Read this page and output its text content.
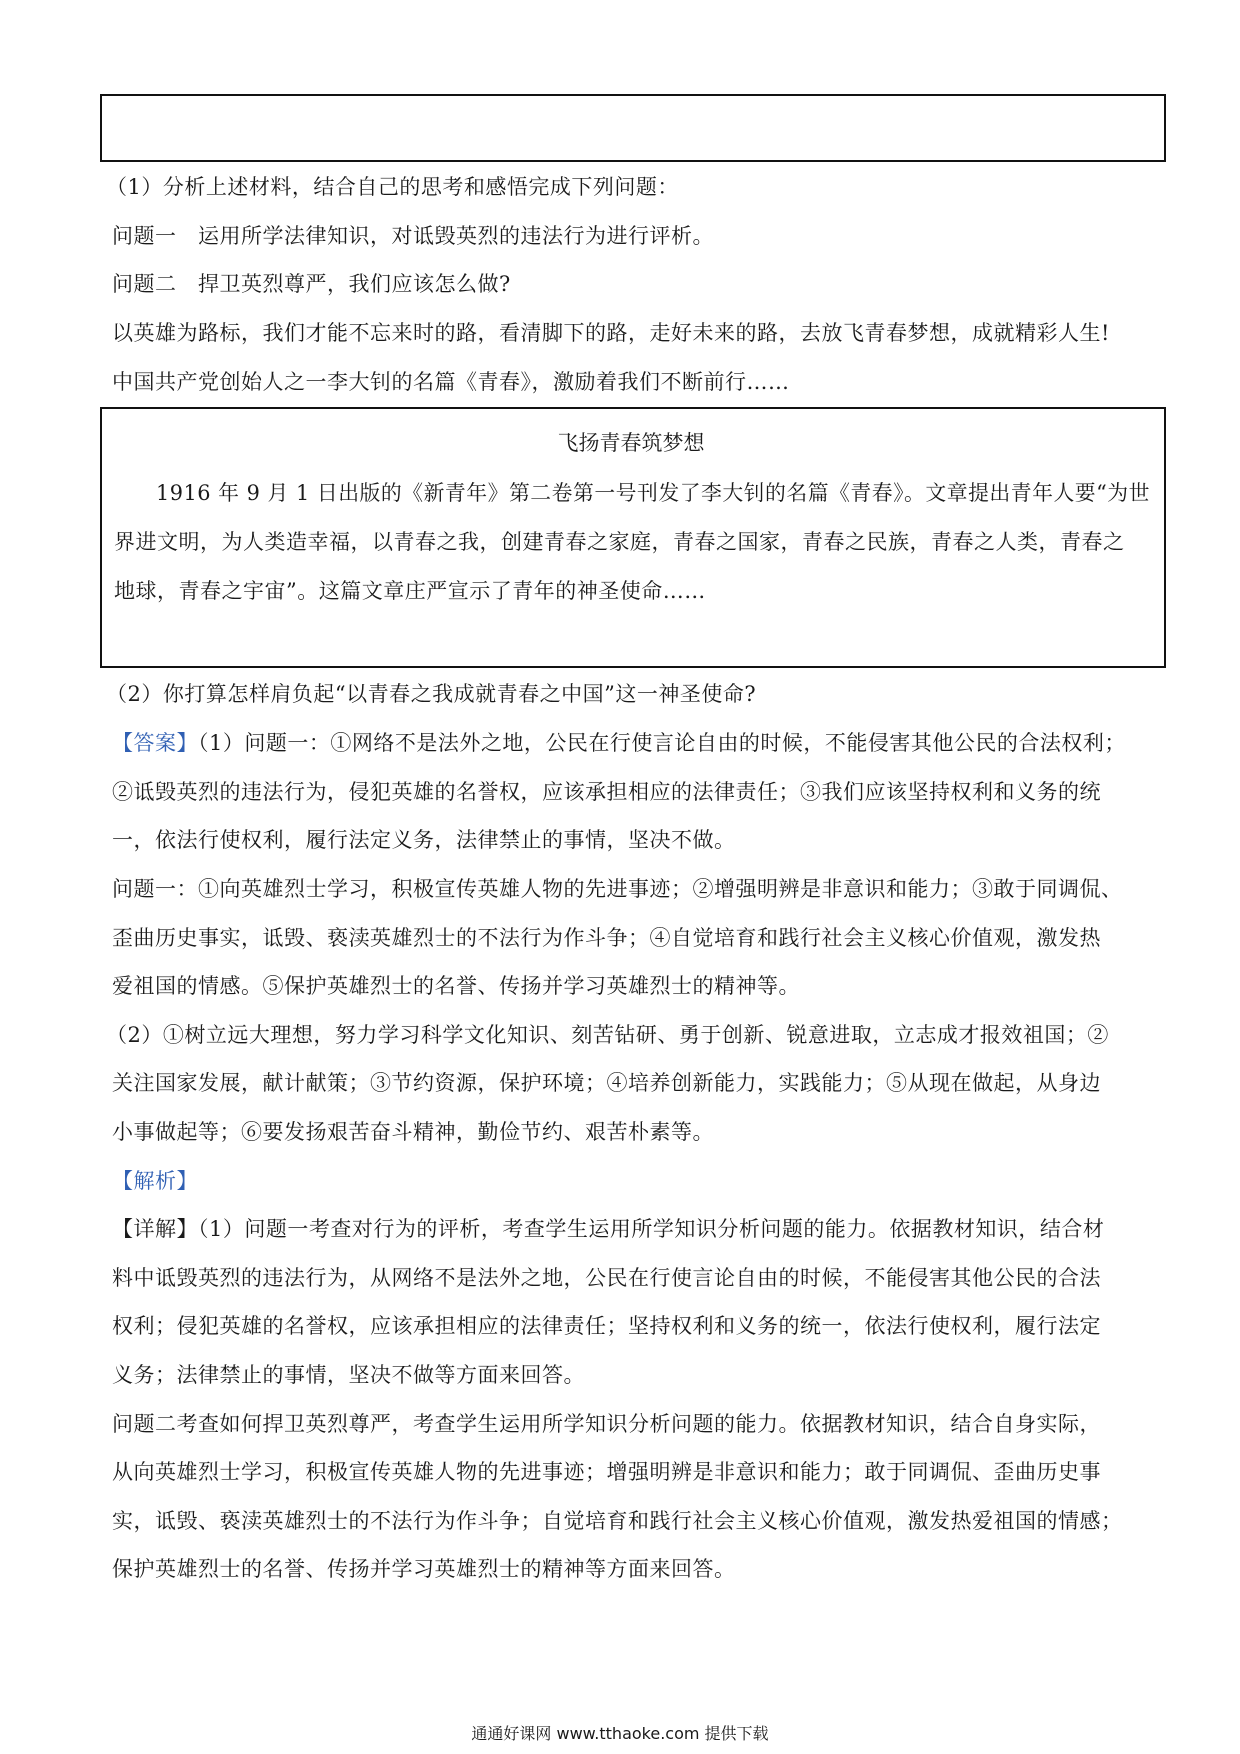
（1）分析上述材料，结合自己的思考和感悟完成下列问题：
问题一　运用所学法律知识，对诋毁英烈的违法行为进行评析。
问题二　捍卫英烈尊严，我们应该怎么做?
以英雄为路标，我们才能不忘来时的路，看清脚下的路，走好未来的路，去放飞青春梦想，成就精彩人生!
中国共产党创始人之一李大钊的名篇《青春》，激励着我们不断前行……
飞扬青春筑梦想
1916 年 9 月 1 日出版的《新青年》第二卷第一号刊发了李大钊的名篇《青春》。文章提出青年人要“为世
界进文明，为人类造幸福，以青春之我，创建青春之家庭，青春之国家，青春之民族，青春之人类，青春之
地球，青春之宇宙”。这篇文章庄严宣示了青年的神圣使命……
（2）你打算怎样肩负起“以青春之我成就青春之中国”这一神圣使命?
【答案】（1）问题一：①网络不是法外之地，公民在行使言论自由的时候，不能侵害其他公民的合法权利；
②诋毁英烈的违法行为，侵犯英雄的名誉权，应该承担相应的法律责任；③我们应该坚持权利和义务的统
一，依法行使权利，履行法定义务，法律禁止的事情，坚决不做。
问题一：①向英雄烈士学习，积极宣传英雄人物的先进事迹；②增强明辨是非意识和能力；③敢于同调侃、
歪曲历史事实，诋毁、亵渎英雄烈士的不法行为作斗争；④自觉培育和践行社会主义核心价值观，激发热
爱祖国的情感。⑤保护英雄烈士的名誉、传扬并学习英雄烈士的精神等。
（2）①树立远大理想，努力学习科学文化知识、刻苦钻研、勇于创新、锐意进取，立志成才报效祖国；②
关注国家发展，献计献策；③节约资源，保护环境；④培养创新能力，实践能力；⑤从现在做起，从身边
小事做起等；⑥要发扬艰苦奋斗精神，勤俭节约、艰苦朴素等。
【解析】
【详解】（1）问题一考查对行为的评析，考查学生运用所学知识分析问题的能力。依据教材知识，结合材
料中诋毁英烈的违法行为，从网络不是法外之地，公民在行使言论自由的时候，不能侵害其他公民的合法
权利；侵犯英雄的名誉权，应该承担相应的法律责任；坚持权利和义务的统一，依法行使权利，履行法定
义务；法律禁止的事情，坚决不做等方面来回答。
问题二考查如何捍卫英烈尊严，考查学生运用所学知识分析问题的能力。依据教材知识，结合自身实际，
从向英雄烈士学习，积极宣传英雄人物的先进事迹；增强明辨是非意识和能力；敢于同调侃、歪曲历史事
实，诋毁、亵渎英雄烈士的不法行为作斗争；自觉培育和践行社会主义核心价值观，激发热爱祖国的情感；
保护英雄烈士的名誉、传扬并学习英雄烈士的精神等方面来回答。
通通好课网 www.tthaoke.com 提供下载
